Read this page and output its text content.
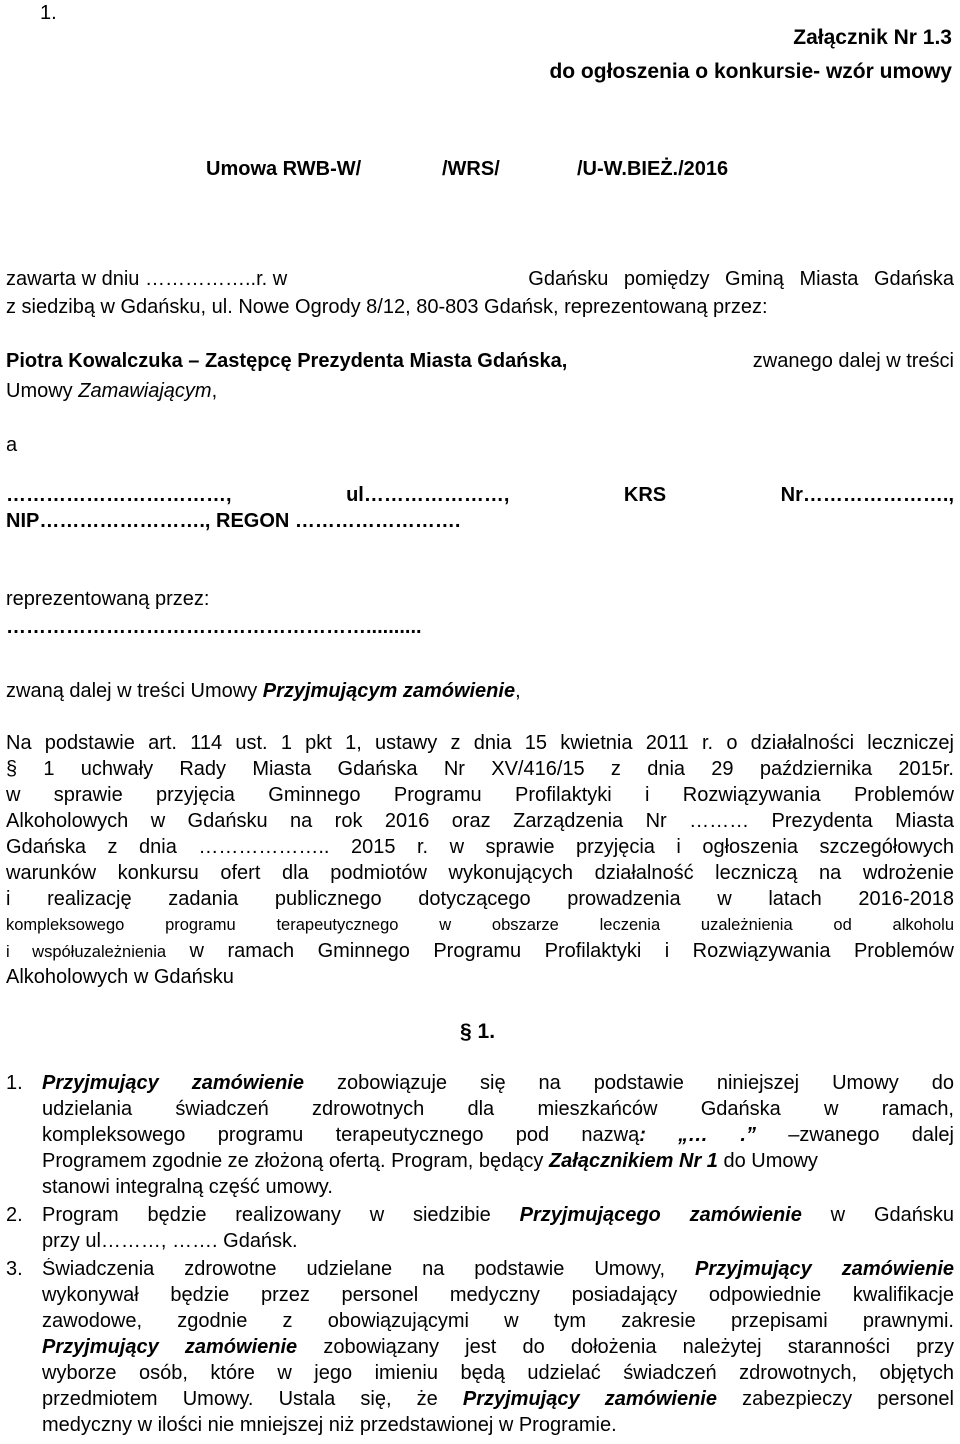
1.
Załącznik Nr 1.3
do ogłoszenia o konkursie- wzór umowy
Umowa RWB-W/	/WRS/	/U-W.BIEŻ./2016
zawarta w dniu ……………..r. w	Gdańsku pomiędzy Gminą Miasta Gdańska
z siedzibą w Gdańsku, ul. Nowe Ogrody 8/12, 80-803 Gdańsk, reprezentowaną przez:
Piotra Kowalczuka – Zastępcę Prezydenta Miasta Gdańska,	zwanego dalej w treści
Umowy Zamawiającym,
a
……………………………, ul…………………, KRS Nr………………….,
NIP……………………., REGON …………………….
reprezentowaną przez:
………………………………………………..........
zwaną dalej w treści Umowy Przyjmującym zamówienie,
Na podstawie art. 114 ust. 1 pkt 1, ustawy z dnia 15 kwietnia 2011 r. o działalności leczniczej
§ 1 uchwały Rady Miasta Gdańska Nr XV/416/15 z dnia 29 października 2015r.
w sprawie przyjęcia Gminnego Programu Profilaktyki i Rozwiązywania Problemów
Alkoholowych w Gdańsku na rok 2016 oraz Zarządzenia Nr ……… Prezydenta Miasta
Gdańska z dnia ……………….. 2015 r. w sprawie przyjęcia i ogłoszenia szczegółowych
warunków konkursu ofert dla podmiotów wykonujących działalność leczniczą na wdrożenie
i realizację zadania publicznego dotyczącego prowadzenia w latach 2016-2018
kompleksowego programu terapeutycznego w obszarze leczenia uzależnienia od alkoholu
i współuzależnienia w ramach Gminnego Programu Profilaktyki i Rozwiązywania Problemów
Alkoholowych w Gdańsku
§ 1.
1. Przyjmujący zamówienie zobowiązuje się na podstawie niniejszej Umowy do
udzielania świadczeń zdrowotnych dla mieszkańców Gdańska w ramach,
kompleksowego programu terapeutycznego pod nazwą: „… .” –zwanego dalej
Programem zgodnie ze złożoną ofertą. Program, będący Załącznikiem Nr 1 do Umowy
stanowi integralną część umowy.
2. Program będzie realizowany w siedzibie Przyjmującego zamówienie w Gdańsku
przy ul………, ……. Gdańsk.
3. Świadczenia zdrowotne udzielane na podstawie Umowy, Przyjmujący zamówienie
wykonywał będzie przez personel medyczny posiadający odpowiednie kwalifikacje
zawodowe, zgodnie z obowiązującymi w tym zakresie przepisami prawnymi.
Przyjmujący zamówienie zobowiązany jest do dołożenia należytej staranności przy
wyborze osób, które w jego imieniu będą udzielać świadczeń zdrowotnych, objętych
przedmiotem Umowy. Ustala się, że Przyjmujący zamówienie zabezpieczy personel
medyczny w ilości nie mniejszej niż przedstawionej w Programie.
